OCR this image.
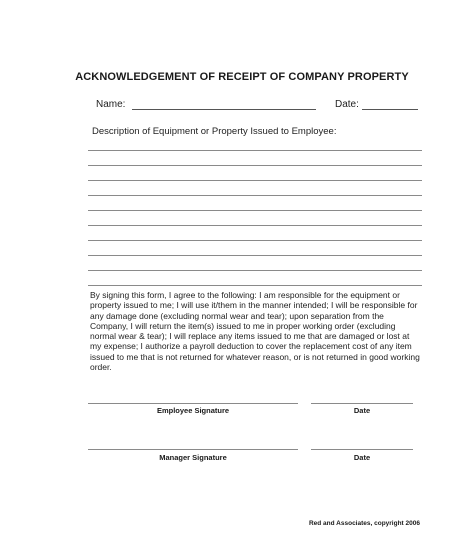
ACKNOWLEDGEMENT OF RECEIPT OF COMPANY PROPERTY
Name:	Date:
Description of Equipment or Property Issued to Employee:
By signing this form, I agree to the following: I am responsible for the equipment or property issued to me; I will use it/them in the manner intended; I will be responsible for any damage done (excluding normal wear and tear); upon separation from the Company, I will return the item(s) issued to me in proper working order (excluding normal wear & tear); I will replace any items issued to me that are damaged or lost at my expense; I authorize a payroll deduction to cover the replacement cost of any item issued to me that is not returned for whatever reason, or is not returned in good working order.
Employee Signature	Date
Manager Signature	Date
Red and Associates, copyright 2006
